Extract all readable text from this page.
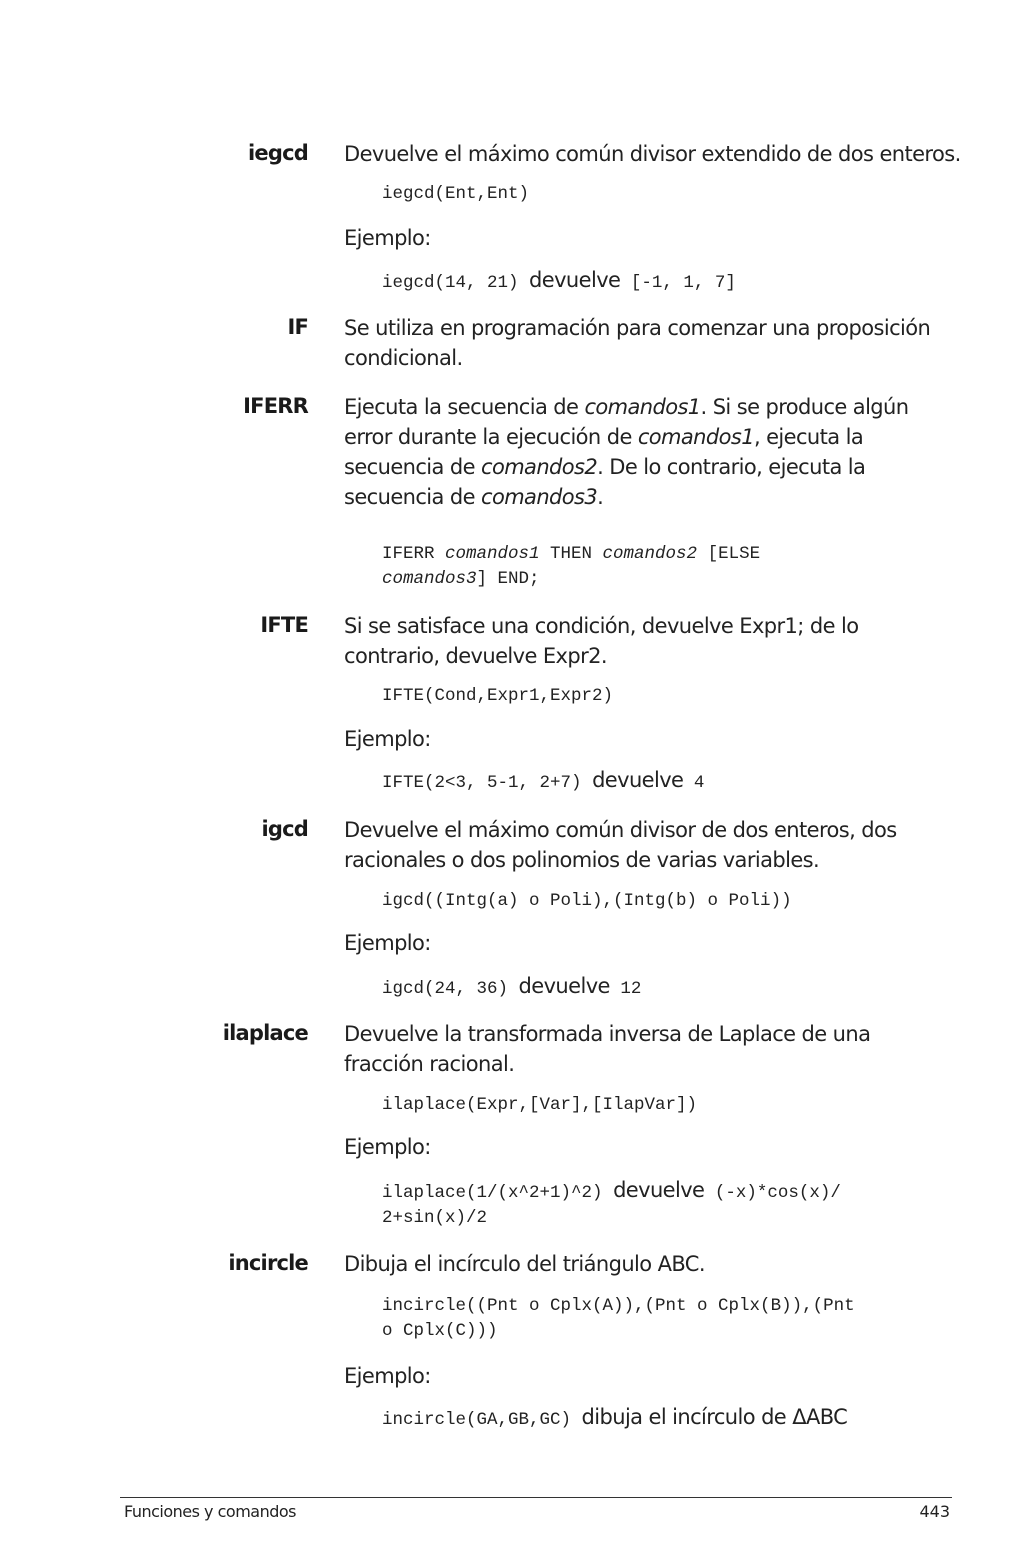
iegcd Devuelve el máximo común divisor extendido de dos enteros.
iegcd(Ent,Ent)
Ejemplo:
iegcd(14, 21) devuelve [-1, 1, 7]
IF Se utiliza en programación para comenzar una proposición condicional.
IFERR Ejecuta la secuencia de comandos1. Si se produce algún error durante la ejecución de comandos1, ejecuta la secuencia de comandos2. De lo contrario, ejecuta la secuencia de comandos3.
IFERR comandos1 THEN comandos2 [ELSE
comandos3] END;
IFTE Si se satisface una condición, devuelve Expr1; de lo contrario, devuelve Expr2.
IFTE(Cond,Expr1,Expr2)
Ejemplo:
IFTE(2<3, 5-1, 2+7) devuelve 4
igcd Devuelve el máximo común divisor de dos enteros, dos racionales o dos polinomios de varias variables.
igcd((Intg(a) o Poli),(Intg(b) o Poli))
Ejemplo:
igcd(24, 36) devuelve 12
ilaplace Devuelve la transformada inversa de Laplace de una fracción racional.
ilaplace(Expr,[Var],[IlapVar])
Ejemplo:
ilaplace(1/(x^2+1)^2) devuelve (-x)*cos(x)/
2+sin(x)/2
incircle Dibuja el incírculo del triángulo ABC.
incircle((Pnt o Cplx(A)),(Pnt o Cplx(B)),(Pnt
o Cplx(C)))
Ejemplo:
incircle(GA,GB,GC) dibuja el incírculo de ΔABC
Funciones y comandos	443
